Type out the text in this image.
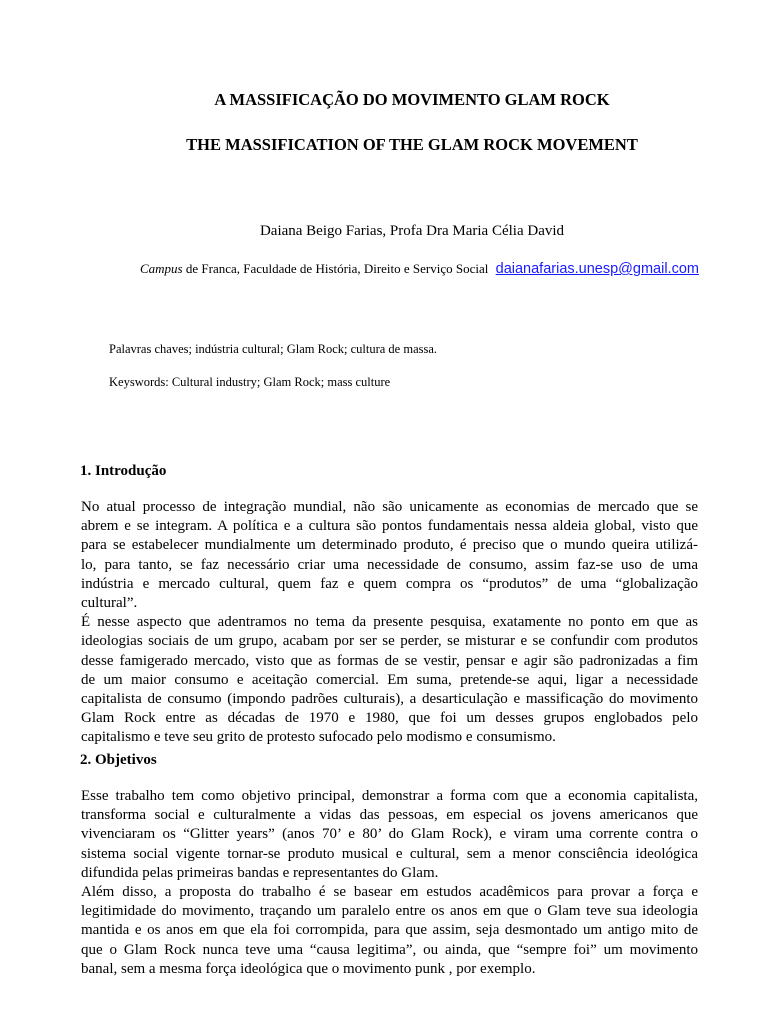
A MASSIFICAÇÃO DO MOVIMENTO GLAM ROCK
THE MASSIFICATION OF THE GLAM ROCK MOVEMENT
Daiana Beigo Farias, Profa Dra Maria Célia David
Campus de Franca, Faculdade de História, Direito e Serviço Social daianafarias.unesp@gmail.com
Palavras chaves; indústria cultural; Glam Rock; cultura de massa.
Keyswords: Cultural industry; Glam Rock; mass culture
1. Introdução
No atual processo de integração mundial, não são unicamente as economias de mercado que se
abrem e se integram. A política e a cultura são pontos fundamentais nessa aldeia global, visto que
para se estabelecer mundialmente um determinado produto, é preciso que o mundo queira utilizá-
lo, para tanto, se faz necessário criar uma necessidade de consumo, assim faz-se uso de uma
indústria e mercado cultural, quem faz e quem compra os “produtos” de uma “globalização
cultural”.
É nesse aspecto que adentramos no tema da presente pesquisa, exatamente no ponto em que as
ideologias sociais de um grupo, acabam por ser se perder, se misturar e se confundir com produtos
desse famigerado mercado, visto que as formas de se vestir, pensar e agir são padronizadas a fim
de um maior consumo e aceitação comercial. Em suma, pretende-se aqui, ligar a necessidade
capitalista de consumo (impondo padrões culturais), a desarticulação e massificação do movimento
Glam Rock entre as décadas de 1970 e 1980, que foi um desses grupos englobados pelo
capitalismo e teve seu grito de protesto sufocado pelo modismo e consumismo.
2. Objetivos
Esse trabalho tem como objetivo principal, demonstrar a forma com que a economia capitalista,
transforma social e culturalmente a vidas das pessoas, em especial os jovens americanos que
vivenciaram os “Glitter years” (anos 70’ e 80’ do Glam Rock), e viram uma corrente contra o
sistema social vigente tornar-se produto musical e cultural, sem a menor consciência ideológica
difundida pelas primeiras bandas e representantes do Glam.
Além disso, a proposta do trabalho é se basear em estudos acadêmicos para provar a força e
legitimidade do movimento, traçando um paralelo entre os anos em que o Glam teve sua ideologia
mantida e os anos em que ela foi corrompida, para que assim, seja desmontado um antigo mito de
que o Glam Rock nunca teve uma “causa legitima”, ou ainda, que “sempre foi” um movimento
banal, sem a mesma força ideológica que o movimento punk , por exemplo.
